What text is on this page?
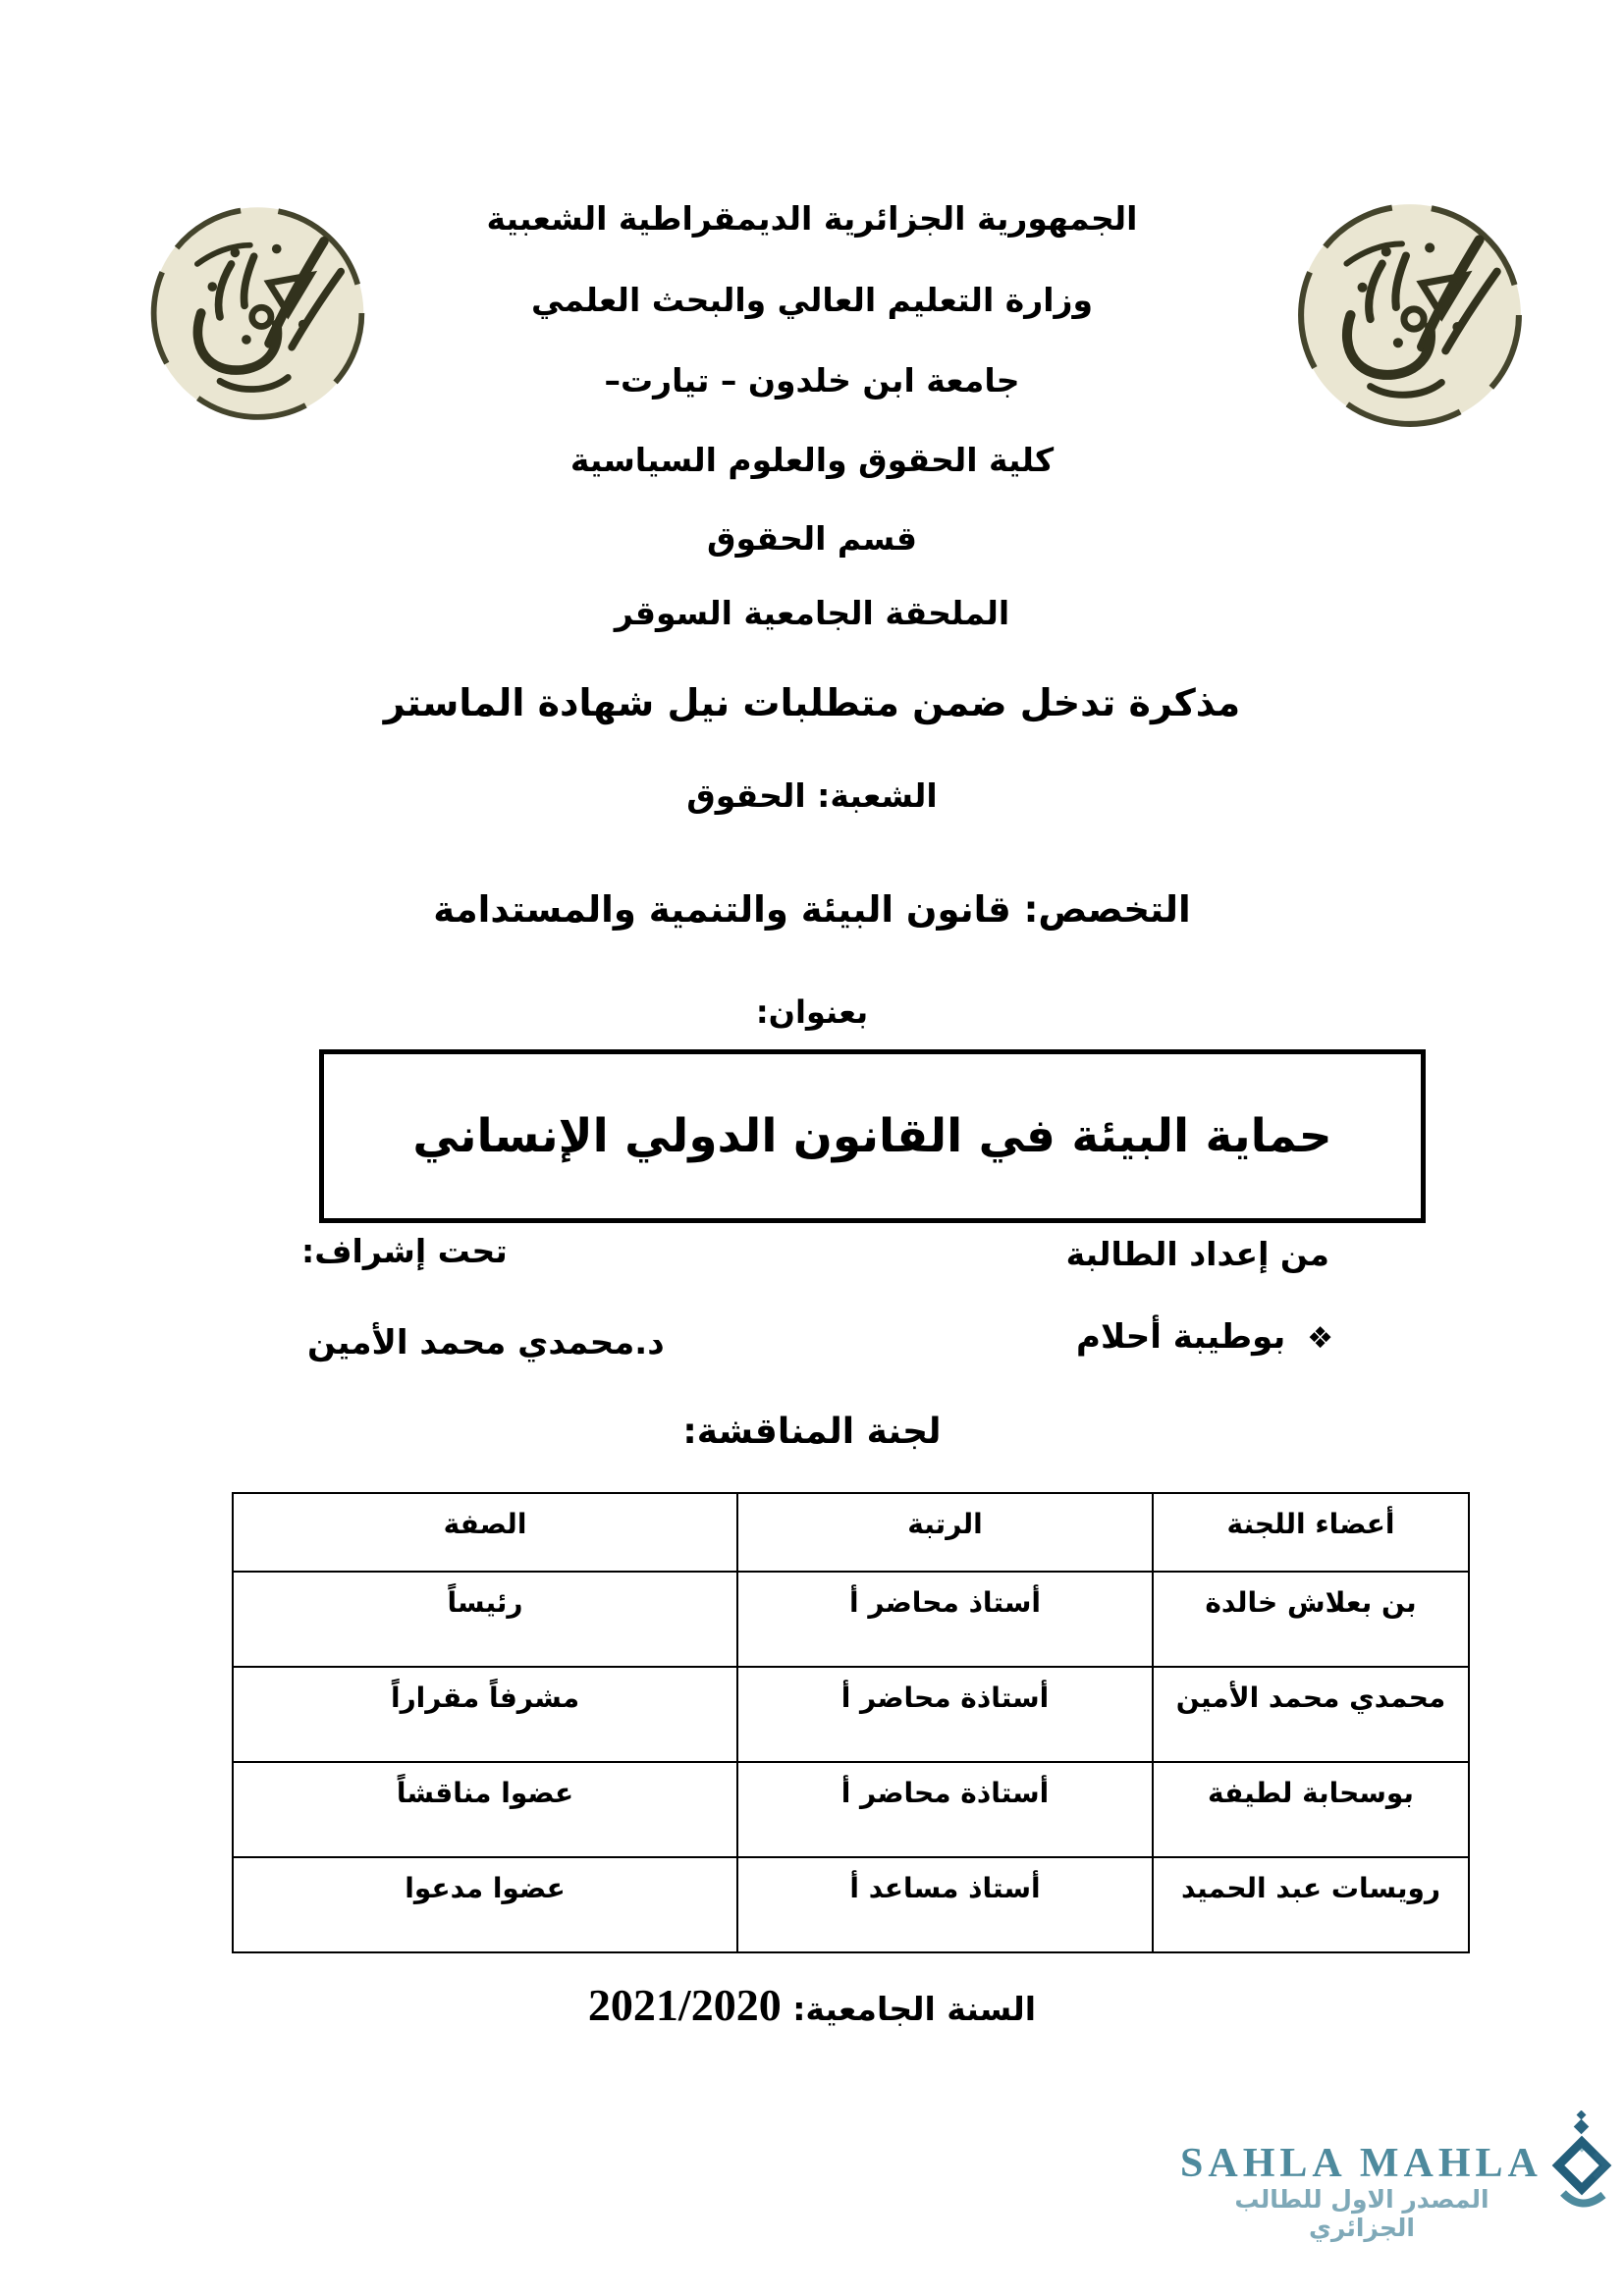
الجمهورية الجزائرية الديمقراطية الشعبية
وزارة التعليم العالي والبحث العلمي
جامعة ابن خلدون – تيارت–
كلية الحقوق والعلوم السياسية
قسم الحقوق
الملحقة الجامعية السوقر
مذكرة تدخل ضمن متطلبات نيل شهادة الماستر
الشعبة: الحقوق
التخصص: قانون البيئة والتنمية والمستدامة
بعنوان:
حماية البيئة في القانون الدولي الإنساني
من إعداد الطالبة
تحت إشراف:
❖ بوطيبة أحلام
د.محمدي محمد الأمين
لجنة المناقشة:
أعضاء اللجنة	الرتبة	الصفة
بن بعلاش خالدة	أستاذ محاضر أ	رئيساً
محمدي محمد الأمين	أستاذة محاضر أ	مشرفاً مقراراً
بوسحابة لطيفة	أستاذة محاضر أ	عضوا مناقشاً
رويسات عبد الحميد	أستاذ مساعد أ	عضوا مدعوا
السنة الجامعية: 2021/2020
SAHLA MAHLA
المصدر الاول للطالب الجزائري
